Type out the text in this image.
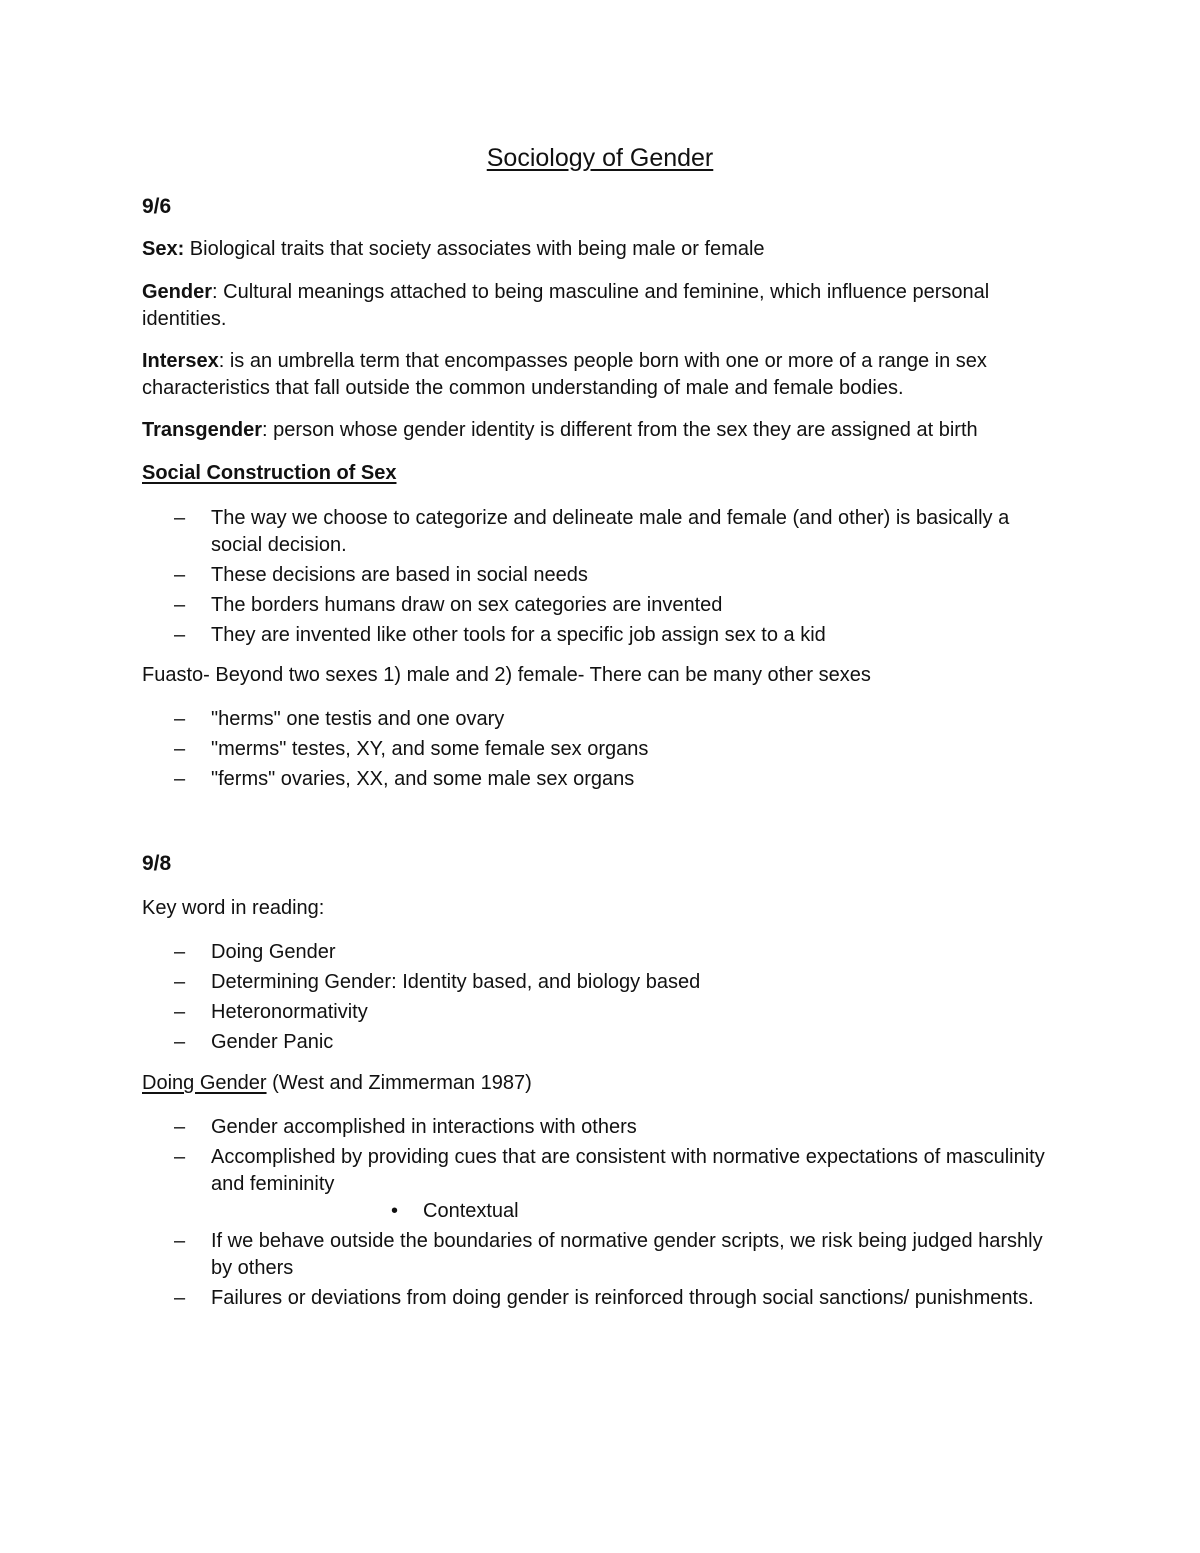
Sociology of Gender
9/6
Sex: Biological traits that society associates with being male or female
Gender: Cultural meanings attached to being masculine and feminine, which influence personal identities.
Intersex: is an umbrella term that encompasses people born with one or more of a range in sex characteristics that fall outside the common understanding of male and female bodies.
Transgender: person whose gender identity is different from the sex they are assigned at birth
Social Construction of Sex
– The way we choose to categorize and delineate male and female (and other) is basically a social decision.
– These decisions are based in social needs
– The borders humans draw on sex categories are invented
– They are invented like other tools for a specific job assign sex to a kid
Fuasto- Beyond two sexes 1) male and 2) female- There can be many other sexes
– "herms" one testis and one ovary
– "merms" testes, XY, and some female sex organs
– "ferms" ovaries, XX, and some male sex organs
9/8
Key word in reading:
– Doing Gender
– Determining Gender: Identity based, and biology based
– Heteronormativity
– Gender Panic
Doing Gender (West and Zimmerman 1987)
– Gender accomplished in interactions with others
– Accomplished by providing cues that are consistent with normative expectations of masculinity and femininity
• Contextual
– If we behave outside the boundaries of normative gender scripts, we risk being judged harshly by others
– Failures or deviations from doing gender is reinforced through social sanctions/ punishments.
